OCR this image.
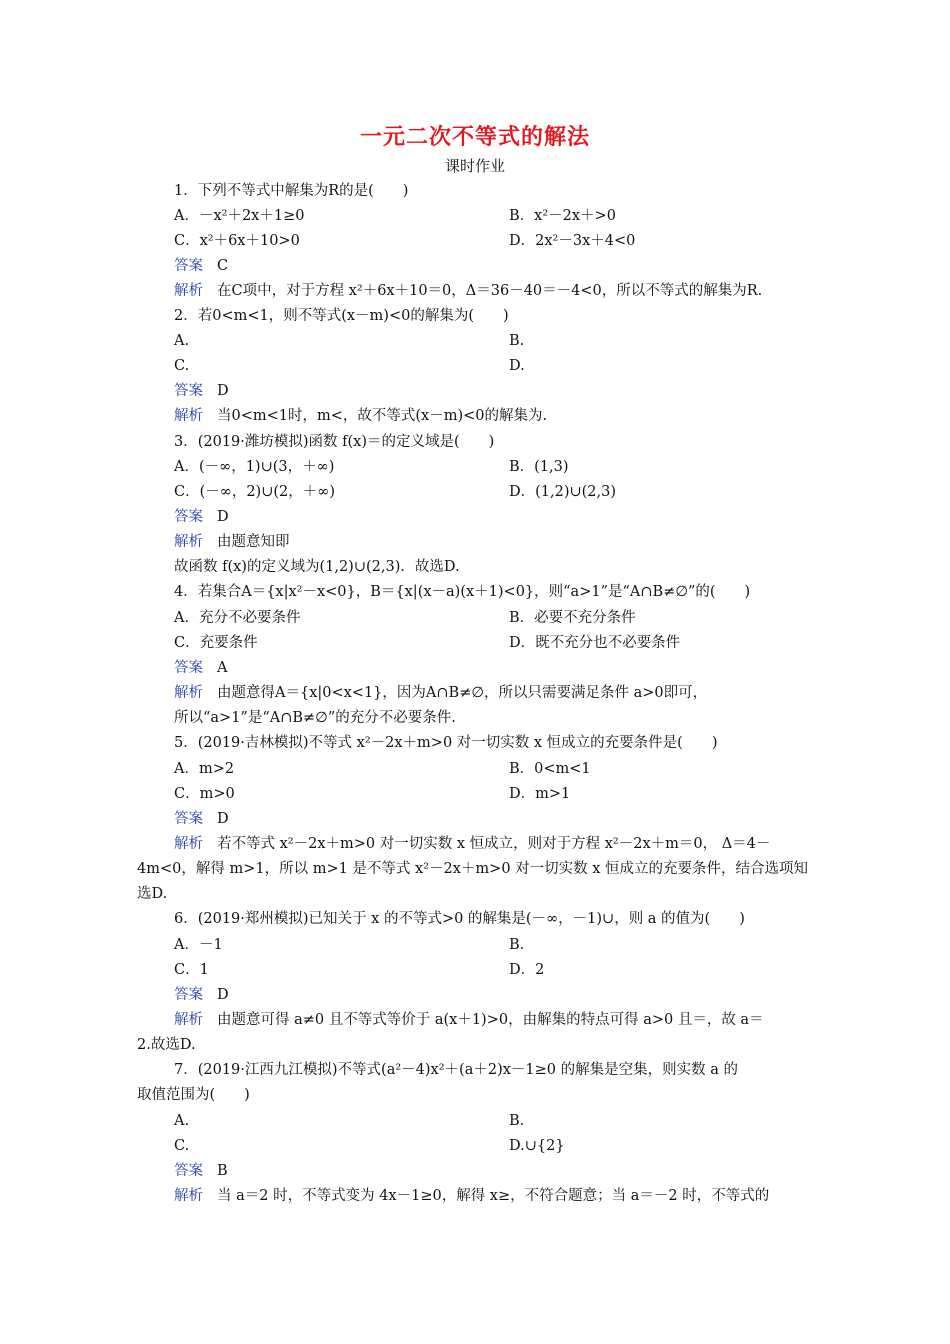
一元二次不等式的解法
课时作业
1．下列不等式中解集为R的是(　　)
A．－x²＋2x＋1≥0	B．x²－2x＋>0
C．x²＋6x＋10>0	D．2x²－3x＋4<0
答案 C
解析 在C项中，对于方程 x²＋6x＋10＝0，Δ＝36－40＝－4<0，所以不等式的解集为R.
2．若0<m<1，则不等式(x－m)<0的解集为(　　)
A.	B.
C.	D.
答案 D
解析 当0<m<1时，m<，故不等式(x－m)<0的解集为.
3．(2019·潍坊模拟)函数 f(x)＝的定义域是(　　)
A．(－∞，1)∪(3，＋∞)	B．(1,3)
C．(－∞，2)∪(2，＋∞)	D．(1,2)∪(2,3)
答案 D
解析 由题意知即
故函数 f(x)的定义域为(1,2)∪(2,3)．故选D.
4．若集合A＝{x|x²－x<0}，B＝{x|(x－a)(x＋1)<0}，则“a>1”是“A∩B≠∅”的(　　)
A．充分不必要条件	B．必要不充分条件
C．充要条件	D．既不充分也不必要条件
答案 A
解析 由题意得A＝{x|0<x<1}，因为A∩B≠∅，所以只需要满足条件 a>0即可，
所以“a>1”是“A∩B≠∅”的充分不必要条件.
5．(2019·吉林模拟)不等式 x²－2x＋m>0 对一切实数 x 恒成立的充要条件是(　　)
A．m>2	B．0<m<1
C．m>0	D．m>1
答案 D
解析 若不等式 x²－2x＋m>0 对一切实数 x 恒成立，则对于方程 x²－2x＋m＝0， Δ＝4－
4m<0，解得 m>1，所以 m>1 是不等式 x²－2x＋m>0 对一切实数 x 恒成立的充要条件，结合选项知
选D.
6．(2019·郑州模拟)已知关于 x 的不等式>0 的解集是(－∞，－1)∪，则 a 的值为(　　)
A．－1	B.
C．1	D．2
答案 D
解析 由题意可得 a≠0 且不等式等价于 a(x＋1)>0，由解集的特点可得 a>0 且＝，故 a＝
2.故选D.
7．(2019·江西九江模拟)不等式(a²－4)x²＋(a＋2)x－1≥0 的解集是空集，则实数 a 的
取值范围为(　　)
A.	B.
C.	D.∪{2}
答案 B
解析 当 a＝2 时，不等式变为 4x－1≥0，解得 x≥，不符合题意；当 a＝－2 时，不等式的
